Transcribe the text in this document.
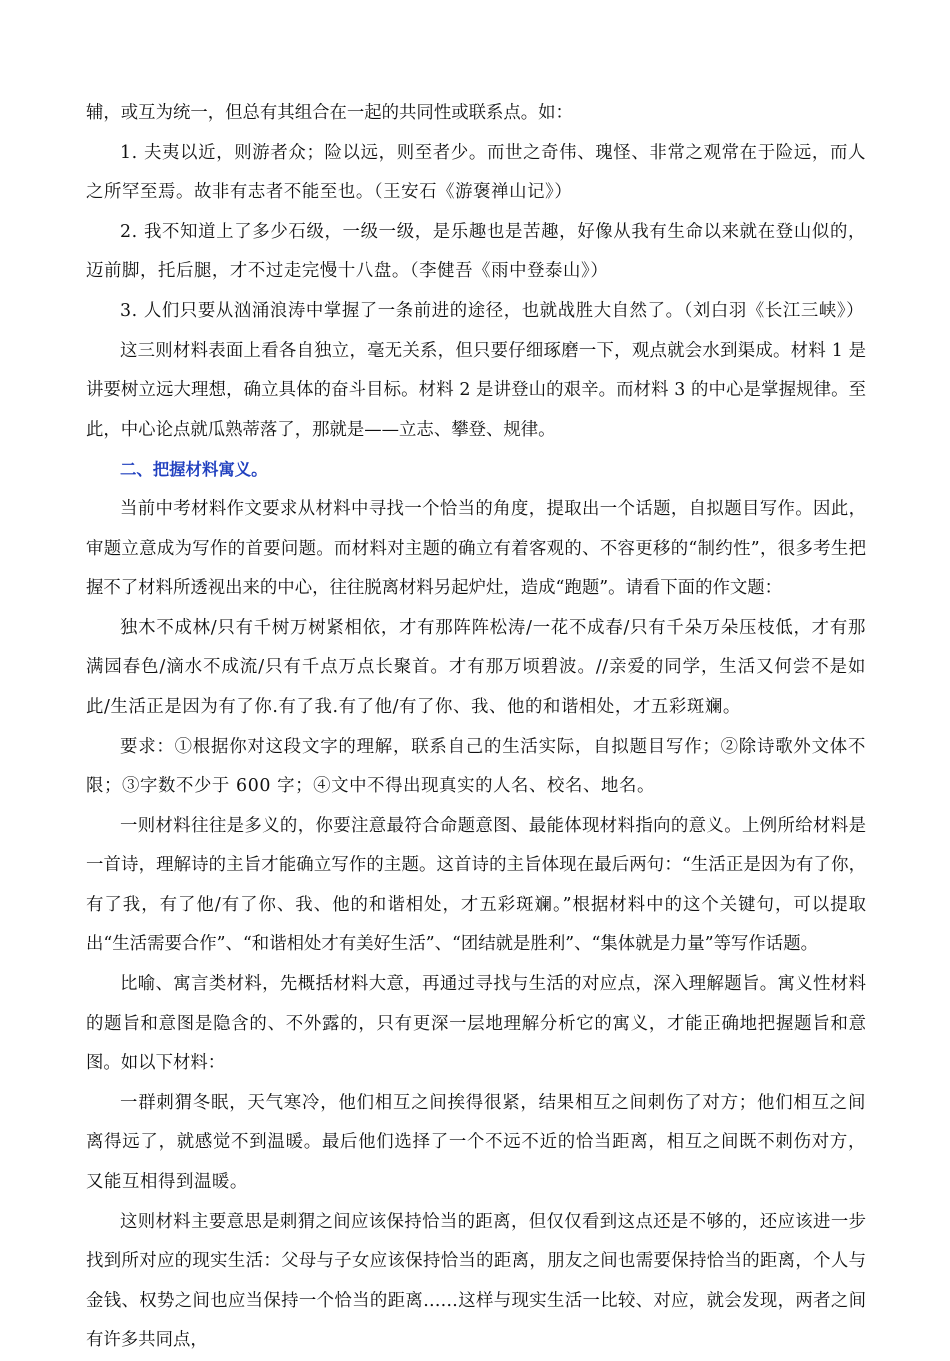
辅，或互为统一，但总有其组合在一起的共同性或联系点。如：

1. 夫夷以近，则游者众；险以远，则至者少。而世之奇伟、瑰怪、非常之观常在于险远，而人之所罕至焉。故非有志者不能至也。（王安石《游褒禅山记》）

2. 我不知道上了多少石级，一级一级，是乐趣也是苦趣，好像从我有生命以来就在登山似的，迈前脚，托后腿，才不过走完慢十八盘。（李健吾《雨中登泰山》）

3. 人们只要从汹涌浪涛中掌握了一条前进的途径，也就战胜大自然了。（刘白羽《长江三峡》）

这三则材料表面上看各自独立，毫无关系，但只要仔细琢磨一下，观点就会水到渠成。材料 1 是讲要树立远大理想，确立具体的奋斗目标。材料 2 是讲登山的艰辛。而材料 3 的中心是掌握规律。至此，中心论点就瓜熟蒂落了，那就是——立志、攀登、规律。

二、把握材料寓义。

当前中考材料作文要求从材料中寻找一个恰当的角度，提取出一个话题，自拟题目写作。因此，审题立意成为写作的首要问题。而材料对主题的确立有着客观的、不容更移的“制约性”，很多考生把握不了材料所透视出来的中心，往往脱离材料另起炉灶，造成“跑题”。请看下面的作文题：

独木不成林/只有千树万树紧相依，才有那阵阵松涛/一花不成春/只有千朵万朵压枝低，才有那满园春色/滴水不成流/只有千点万点长聚首。才有那万顷碧波。//亲爱的同学，生活又何尝不是如此/生活正是因为有了你.有了我.有了他/有了你、我、他的和谐相处，才五彩斑斓。

要求：①根据你对这段文字的理解，联系自己的生活实际，自拟题目写作；②除诗歌外文体不限；③字数不少于 600 字；④文中不得出现真实的人名、校名、地名。

一则材料往往是多义的，你要注意最符合命题意图、最能体现材料指向的意义。上例所给材料是一首诗，理解诗的主旨才能确立写作的主题。这首诗的主旨体现在最后两句：“生活正是因为有了你，有了我，有了他/有了你、我、他的和谐相处，才五彩斑斓。”根据材料中的这个关键句，可以提取出“生活需要合作”、“和谐相处才有美好生活”、“团结就是胜利”、“集体就是力量”等写作话题。

比喻、寓言类材料，先概括材料大意，再通过寻找与生活的对应点，深入理解题旨。寓义性材料的题旨和意图是隐含的、不外露的，只有更深一层地理解分析它的寓义，才能正确地把握题旨和意图。如以下材料：

一群刺猬冬眠，天气寒冷，他们相互之间挨得很紧，结果相互之间刺伤了对方；他们相互之间离得远了，就感觉不到温暖。最后他们选择了一个不远不近的恰当距离，相互之间既不刺伤对方，又能互相得到温暖。

这则材料主要意思是刺猬之间应该保持恰当的距离，但仅仅看到这点还是不够的，还应该进一步找到所对应的现实生活：父母与子女应该保持恰当的距离，朋友之间也需要保持恰当的距离，个人与金钱、权势之间也应当保持一个恰当的距离……这样与现实生活一比较、对应，就会发现，两者之间有许多共同点，
